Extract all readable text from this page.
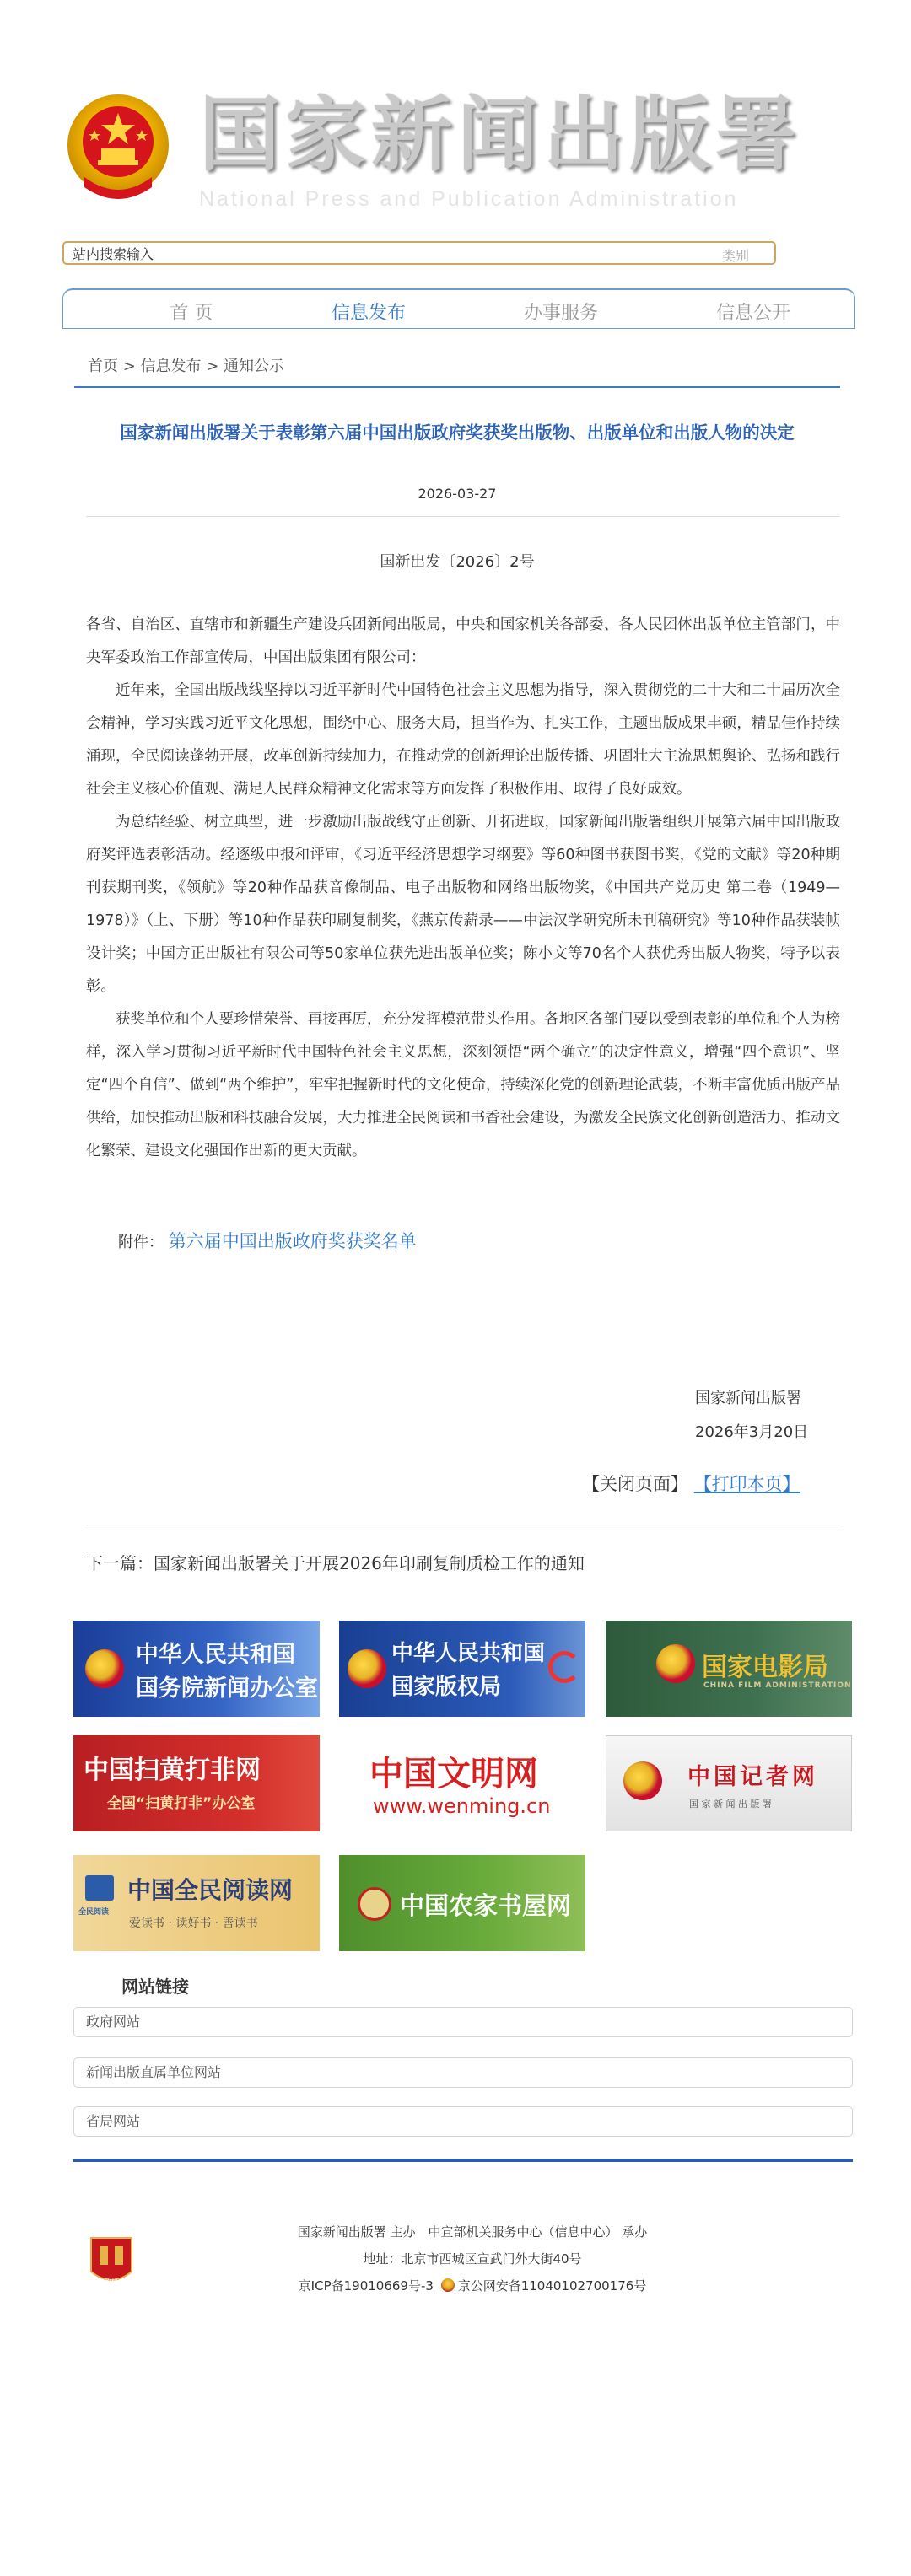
国家新闻出版署
National Press and Publication Administration
站内搜索输入
类别
首 页	信息发布	办事服务	信息公开
首页 > 信息发布 > 通知公示
国家新闻出版署关于表彰第六届中国出版政府奖获奖出版物、出版单位和出版人物的决定
2026-03-27
国新出发〔2026〕2号

各省、自治区、直辖市和新疆生产建设兵团新闻出版局，中央和国家机关各部委、各人民团体出版单位主管部门，中央军委政治工作部宣传局，中国出版集团有限公司：

近年来，全国出版战线坚持以习近平新时代中国特色社会主义思想为指导，深入贯彻党的二十大和二十届历次全会精神，学习实践习近平文化思想，围绕中心、服务大局，担当作为、扎实工作，主题出版成果丰硕，精品佳作持续涌现，全民阅读蓬勃开展，改革创新持续加力，在推动党的创新理论出版传播、巩固壮大主流思想舆论、弘扬和践行社会主义核心价值观、满足人民群众精神文化需求等方面发挥了积极作用、取得了良好成效。

为总结经验、树立典型，进一步激励出版战线守正创新、开拓进取，国家新闻出版署组织开展第六届中国出版政府奖评选表彰活动。经逐级申报和评审，《习近平经济思想学习纲要》等60种图书获图书奖，《党的文献》等20种期刊获期刊奖，《领航》等20种作品获音像制品、电子出版物和网络出版物奖，《中国共产党历史 第二卷（1949—1978）》（上、下册）等10种作品获印刷复制奖，《燕京传薪录——中法汉学研究所未刊稿研究》等10种作品获装帧设计奖；中国方正出版社有限公司等50家单位获先进出版单位奖；陈小文等70名个人获优秀出版人物奖，特予以表彰。

获奖单位和个人要珍惜荣誉、再接再厉，充分发挥模范带头作用。各地区各部门要以受到表彰的单位和个人为榜样，深入学习贯彻习近平新时代中国特色社会主义思想，深刻领悟“两个确立”的决定性意义，增强“四个意识”、坚定“四个自信”、做到“两个维护”，牢牢把握新时代的文化使命，持续深化党的创新理论武装，不断丰富优质出版产品供给，加快推动出版和科技融合发展，大力推进全民阅读和书香社会建设，为激发全民族文化创新创造活力、推动文化繁荣、建设文化强国作出新的更大贡献。

附件： 第六届中国出版政府奖获奖名单
国家新闻出版署
2026年3月20日
【关闭页面】 【打印本页】
下一篇：国家新闻出版署关于开展2026年印刷复制质检工作的通知
中华人民共和国
国务院新闻办公室
中华人民共和国
国家版权局
国家电影局
CHINA FILM ADMINISTRATION
中国扫黄打非网
全国“扫黄打非”办公室
中国文明网
www.wenming.cn
中国记者网
国 家 新 闻 出 版 署
全民阅读
中国全民阅读网
爱读书 · 读好书 · 善读书
中国农家书屋网
网站链接
政府网站
新闻出版直属单位网站
省局网站
党政机关
国家新闻出版署 主办　中宣部机关服务中心（信息中心） 承办
地址：北京市西城区宣武门外大街40号
京ICP备19010669号-3 京公网安备11040102700176号
